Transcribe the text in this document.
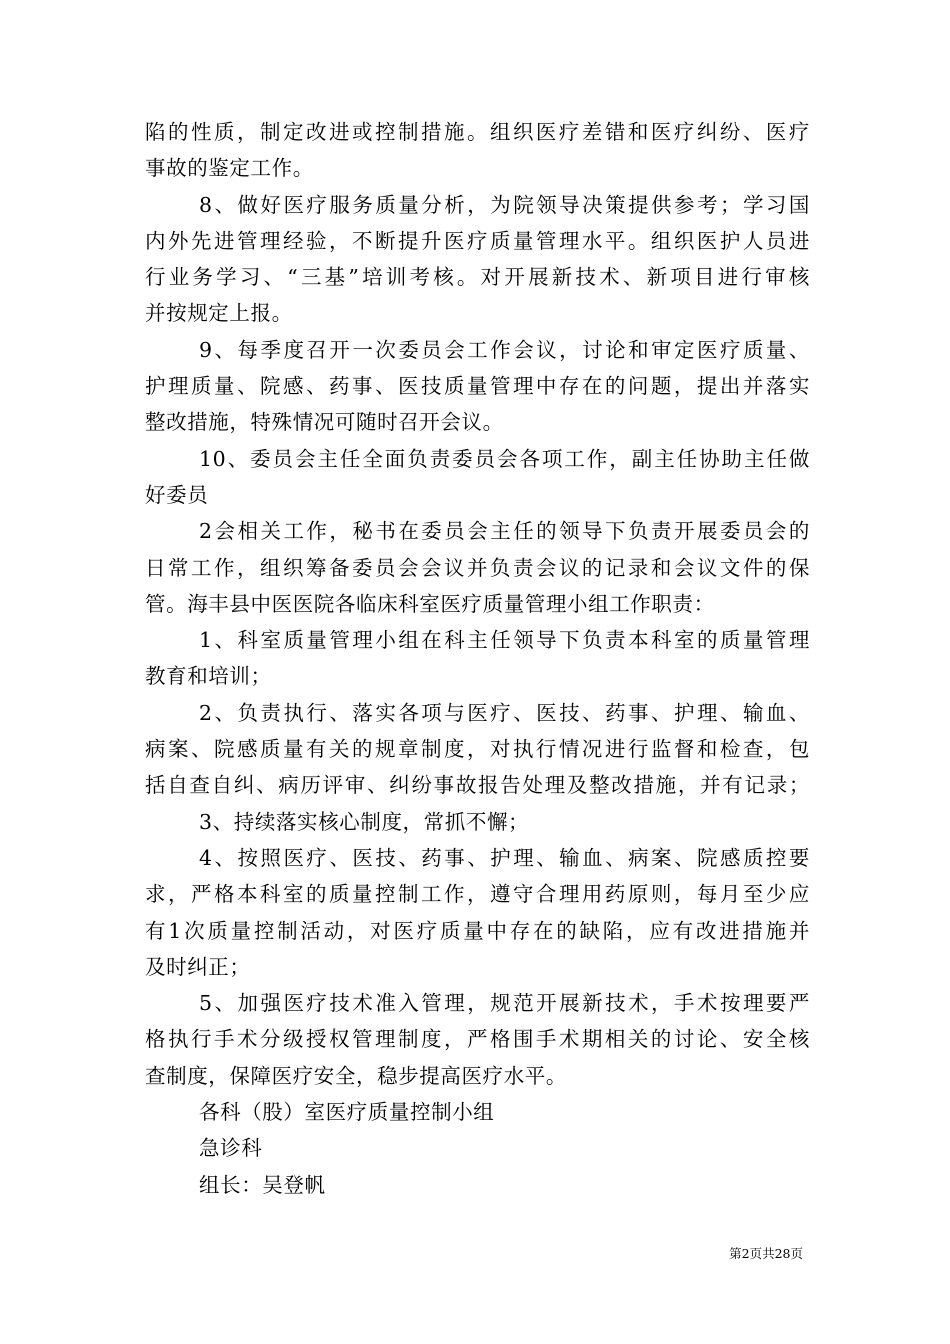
陷的性质，制定改进或控制措施。组织医疗差错和医疗纠纷、医疗
事故的鉴定工作。
8、做好医疗服务质量分析，为院领导决策提供参考；学习国
内外先进管理经验，不断提升医疗质量管理水平。组织医护人员进
行业务学习、“三基”培训考核。对开展新技术、新项目进行审核
并按规定上报。
9、每季度召开一次委员会工作会议，讨论和审定医疗质量、
护理质量、院感、药事、医技质量管理中存在的问题，提出并落实
整改措施，特殊情况可随时召开会议。
10、委员会主任全面负责委员会各项工作，副主任协助主任做
好委员
2会相关工作，秘书在委员会主任的领导下负责开展委员会的
日常工作，组织筹备委员会会议并负责会议的记录和会议文件的保
管。海丰县中医医院各临床科室医疗质量管理小组工作职责：
1、科室质量管理小组在科主任领导下负责本科室的质量管理
教育和培训；
2、负责执行、落实各项与医疗、医技、药事、护理、输血、
病案、院感质量有关的规章制度，对执行情况进行监督和检查，包
括自查自纠、病历评审、纠纷事故报告处理及整改措施，并有记录；
3、持续落实核心制度，常抓不懈；
4、按照医疗、医技、药事、护理、输血、病案、院感质控要
求，严格本科室的质量控制工作，遵守合理用药原则，每月至少应
有1次质量控制活动，对医疗质量中存在的缺陷，应有改进措施并
及时纠正；
5、加强医疗技术准入管理，规范开展新技术，手术按理要严
格执行手术分级授权管理制度，严格围手术期相关的讨论、安全核
查制度，保障医疗安全，稳步提高医疗水平。
各科（股）室医疗质量控制小组
急诊科
组长：吴登帆
第2页共28页
